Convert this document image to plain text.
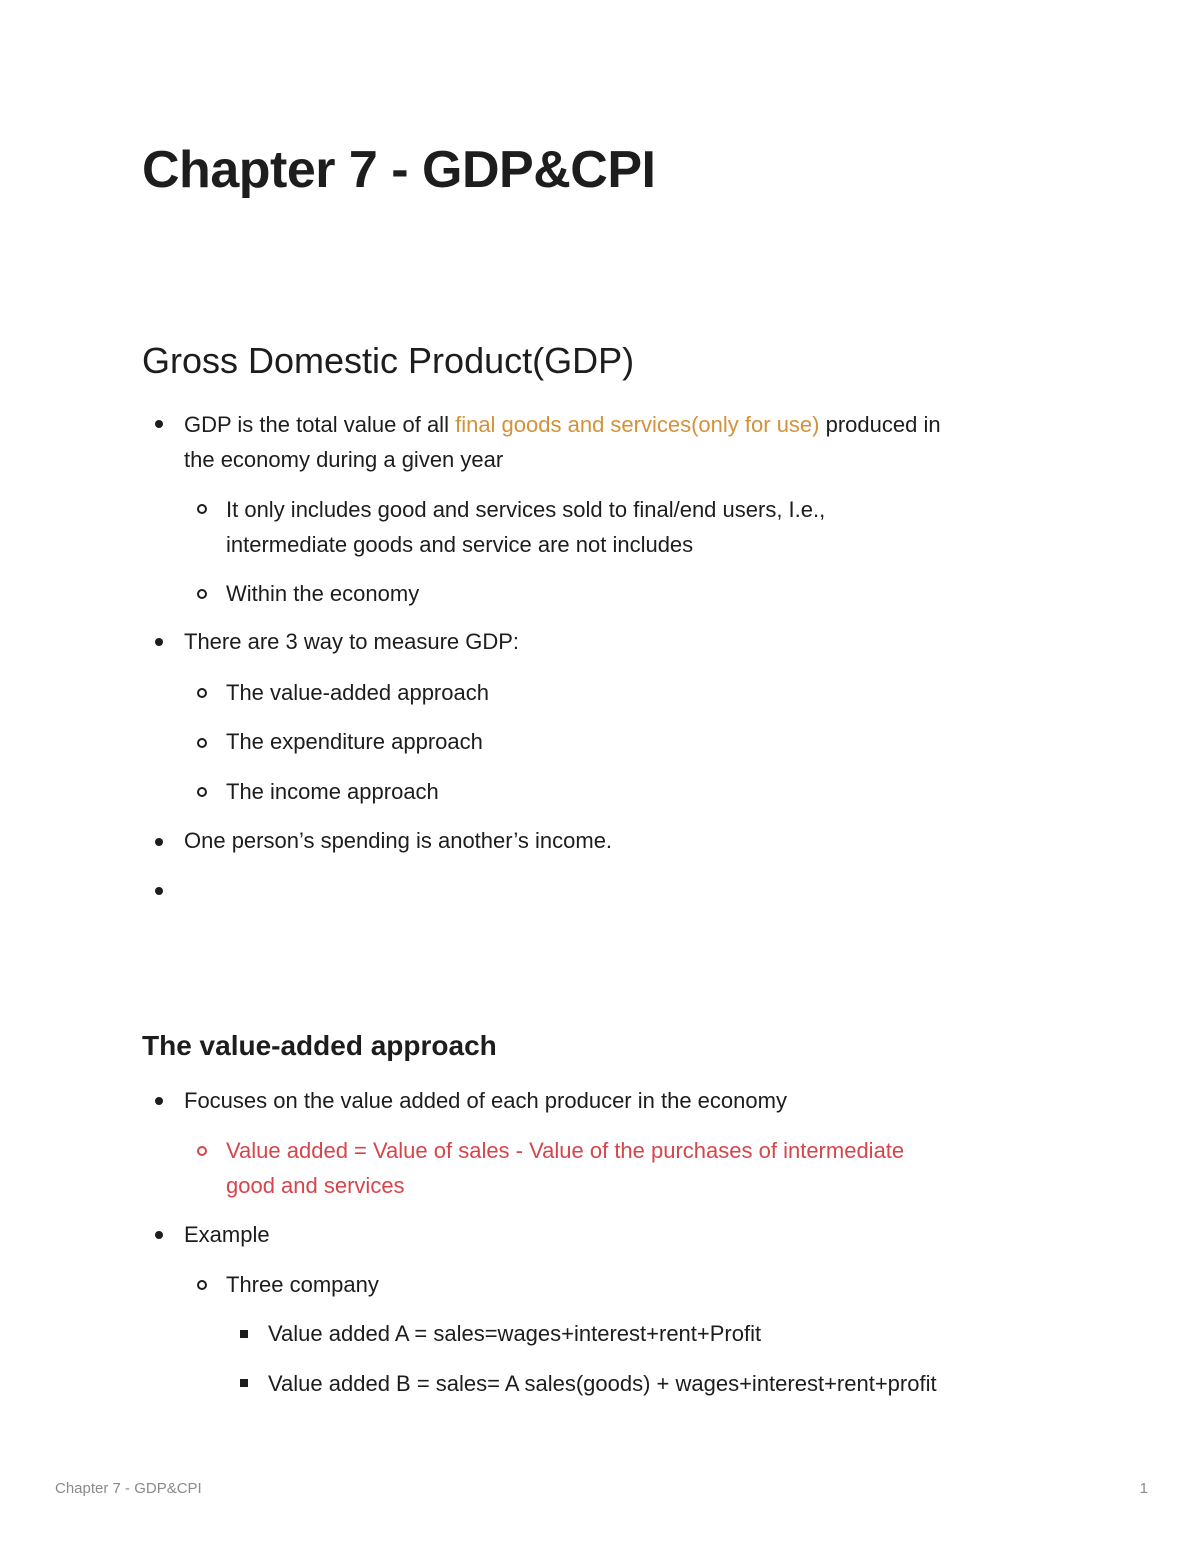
Chapter 7 - GDP&CPI
Gross Domestic Product(GDP)
GDP is the total value of all final goods and services(only for use) produced in
the economy during a given year
It only includes good and services sold to final/end users, I.e.,
intermediate goods and service are not includes
Within the economy
There are 3 way to measure GDP:
The value-added approach
The expenditure approach
The income approach
One person’s spending is another’s income.
The value-added approach
Focuses on the value added of each producer in the economy
Value added = Value of sales - Value of the purchases of intermediate
good and services
Example
Three company
Value added A = sales=wages+interest+rent+Profit
Value added B = sales= A sales(goods) + wages+interest+rent+profit
Chapter 7 - GDP&CPI	1
